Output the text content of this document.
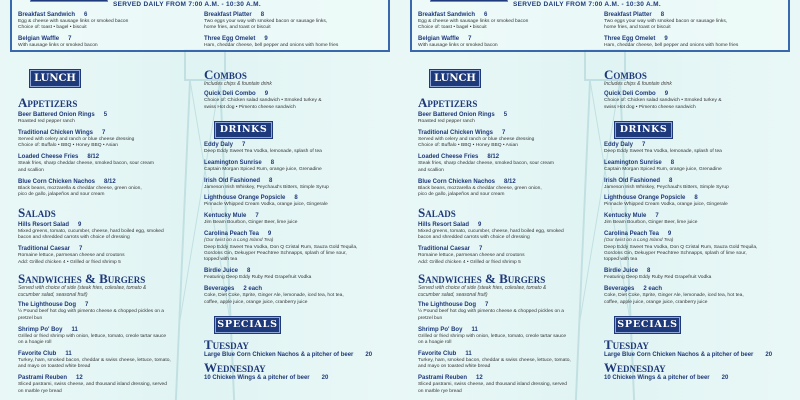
SERVED DAILY FROM 7:00 A.M. - 10:30 A.M.
Breakfast Sandwich 6
Egg & cheese with sausage links or smoked bacon
Choice of: toast • bagel • biscuit
Belgian Waffle 7
With sausage links or smoked bacon
Breakfast Platter 8
Two eggs your way with smoked bacon or sausage links,
home fries, and toast or biscuit
Three Egg Omelet 9
Ham, cheddar cheese, bell pepper and onions with home fries
LUNCH
Appetizers
Beer Battered Onion Rings 5
Roasted red pepper ranch
Traditional Chicken Wings 7
Served with celery and ranch or blue cheese dressing
Choice of: Buffalo • BBQ • Honey BBQ • Asian
Loaded Cheese Fries 8/12
Steak fries, sharp cheddar cheese, smoked bacon, sour cream
and scallion
Blue Corn Chicken Nachos 8/12
Black beans, mozzarella & cheddar cheese, green onion,
pico de gallo, jalapeños and sour cream
Salads
Hills Resort Salad 9
Mixed greens, tomato, cucumber, cheese, hard boiled egg, smoked
bacon and shredded carrots with choice of dressing
Traditional Caesar 7
Romaine lettuce, parmesan cheese and croutons
Add: Grilled chicken 4 • Grilled or fried shrimp 5
Sandwiches & Burgers
Served with choice of side (steak fries, coleslaw, tomato &
cucumber salad, seasonal fruit)
The Lighthouse Dog 7
½ Pound beef hot dog with pimento cheese & chopped pickles on a
pretzel bun
Shrimp Po' Boy 11
Grilled or fried shrimp with onion, lettuce, tomato, creole tartar sauce
on a hoagie roll
Favorite Club 11
Turkey, ham, smoked bacon, cheddar & swiss cheese, lettuce, tomato,
and mayo on toasted white bread
Pastrami Reuben 12
Sliced pastrami, swiss cheese, and thousand island dressing, served
on marble rye bread
Combos
Includes chips & fountain drink
Quick Deli Combo 9
Choice of: Chicken salad sandwich • Smoked turkey &
swiss Hot dog • Pimento cheese sandwich
DRINKS
Eddy Daly 7
Deep Eddy Sweet Tea Vodka, lemonade, splash of tea
Leamington Sunrise 8
Captain Morgan Spiced Rum, orange juice, Grenadine
Irish Old Fashioned 8
Jameson Irish Whiskey, Peychaud's Bitters, Simple Syrup
Lighthouse Orange Popsicle 8
Pinnacle Whipped Cream Vodka, orange juice, Gingerale
Kentucky Mule 7
Jim Beam Bourbon, Ginger Beer, lime juice
Carolina Peach Tea 9
(Our twist on a Long Island Tea)
Deep Eddy Sweet Tea Vodka, Don Q Cristal Rum, Sauza Gold Tequila,
Gordons Gin, Dekuyper Peachtree Schnapps, splash of lime sour,
topped with tea
Birdie Juice 8
Featuring Deep Eddy Ruby Red Grapefruit Vodka
Beverages 2 each
Coke, Diet Coke, Sprite, Ginger Ale, lemonade, iced tea, hot tea,
coffee, apple juice, orange juice, cranberry juice
SPECIALS
Tuesday
Large Blue Corn Chicken Nachos & a pitcher of beer 20
Wednesday
10 Chicken Wings & a pitcher of beer 20
SERVED DAILY FROM 7:00 A.M. - 10:30 A.M.
Breakfast Sandwich 6
Egg & cheese with sausage links or smoked bacon
Choice of: toast • bagel • biscuit
Belgian Waffle 7
With sausage links or smoked bacon
Breakfast Platter 8
Two eggs your way with smoked bacon or sausage links,
home fries, and toast or biscuit
Three Egg Omelet 9
Ham, cheddar cheese, bell pepper and onions with home fries
LUNCH
Appetizers
Beer Battered Onion Rings 5
Roasted red pepper ranch
Traditional Chicken Wings 7
Served with celery and ranch or blue cheese dressing
Choice of: Buffalo • BBQ • Honey BBQ • Asian
Loaded Cheese Fries 8/12
Steak fries, sharp cheddar cheese, smoked bacon, sour cream
and scallion
Blue Corn Chicken Nachos 8/12
Black beans, mozzarella & cheddar cheese, green onion,
pico de gallo, jalapeños and sour cream
Salads
Hills Resort Salad 9
Mixed greens, tomato, cucumber, cheese, hard boiled egg, smoked
bacon and shredded carrots with choice of dressing
Traditional Caesar 7
Romaine lettuce, parmesan cheese and croutons
Add: Grilled chicken 4 • Grilled or fried shrimp 5
Sandwiches & Burgers
Served with choice of side (steak fries, coleslaw, tomato &
cucumber salad, seasonal fruit)
The Lighthouse Dog 7
½ Pound beef hot dog with pimento cheese & chopped pickles on a
pretzel bun
Shrimp Po' Boy 11
Grilled or fried shrimp with onion, lettuce, tomato, creole tartar sauce
on a hoagie roll
Favorite Club 11
Turkey, ham, smoked bacon, cheddar & swiss cheese, lettuce, tomato,
and mayo on toasted white bread
Pastrami Reuben 12
Sliced pastrami, swiss cheese, and thousand island dressing, served
on marble rye bread
Combos
Includes chips & fountain drink
Quick Deli Combo 9
Choice of: Chicken salad sandwich • Smoked turkey &
swiss Hot dog • Pimento cheese sandwich
DRINKS
Eddy Daly 7
Deep Eddy Sweet Tea Vodka, lemonade, splash of tea
Leamington Sunrise 8
Captain Morgan Spiced Rum, orange juice, Grenadine
Irish Old Fashioned 8
Jameson Irish Whiskey, Peychaud's Bitters, Simple Syrup
Lighthouse Orange Popsicle 8
Pinnacle Whipped Cream Vodka, orange juice, Gingerale
Kentucky Mule 7
Jim Beam Bourbon, Ginger Beer, lime juice
Carolina Peach Tea 9
(Our twist on a Long Island Tea)
Deep Eddy Sweet Tea Vodka, Don Q Cristal Rum, Sauza Gold Tequila,
Gordons Gin, Dekuyper Peachtree Schnapps, splash of lime sour,
topped with tea
Birdie Juice 8
Featuring Deep Eddy Ruby Red Grapefruit Vodka
Beverages 2 each
Coke, Diet Coke, Sprite, Ginger Ale, lemonade, iced tea, hot tea,
coffee, apple juice, orange juice, cranberry juice
SPECIALS
Tuesday
Large Blue Corn Chicken Nachos & a pitcher of beer 20
Wednesday
10 Chicken Wings & a pitcher of beer 20
